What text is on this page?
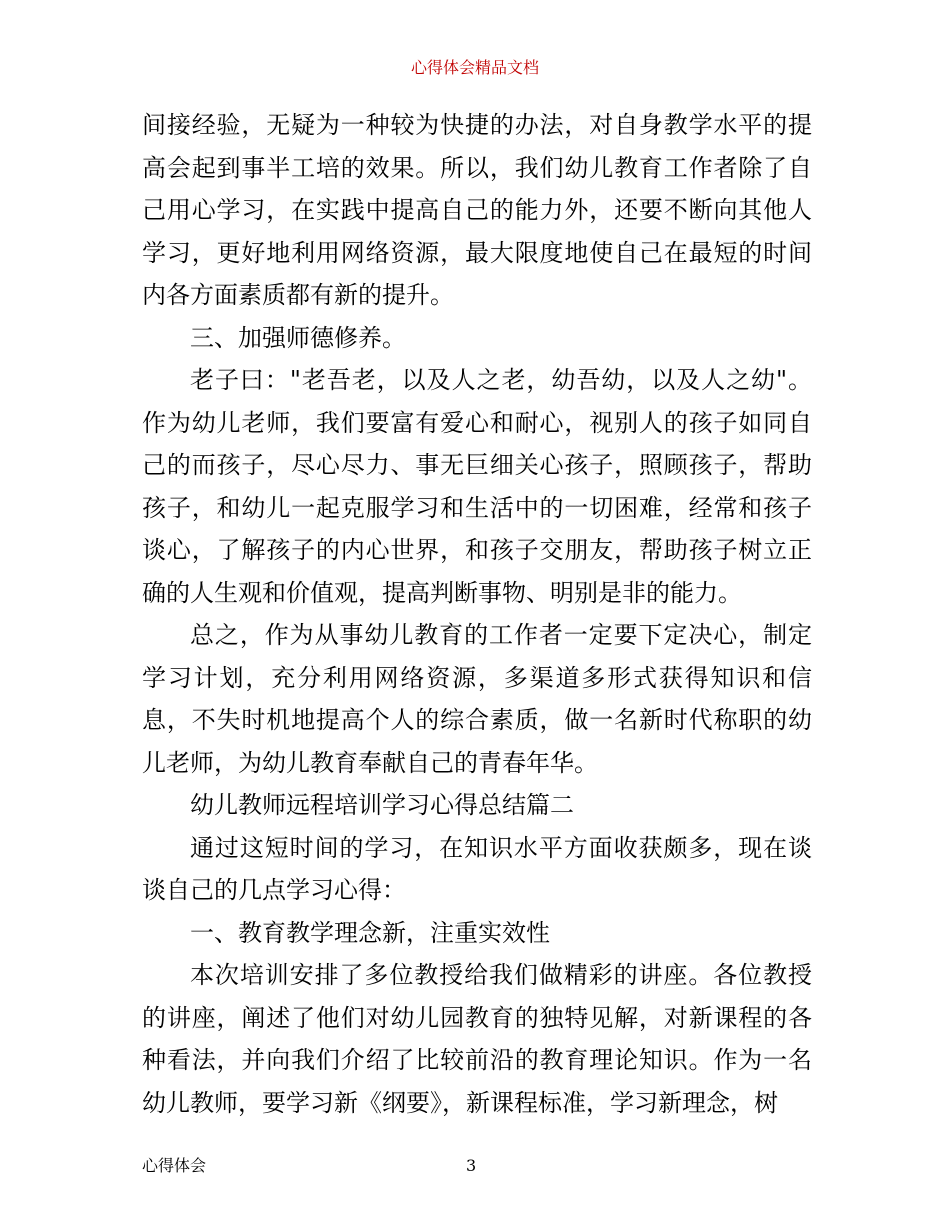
心得体会精品文档

间接经验，无疑为一种较为快捷的办法，对自身教学水平的提高会起到事半工培的效果。所以，我们幼儿教育工作者除了自己用心学习，在实践中提高自己的能力外，还要不断向其他人学习，更好地利用网络资源，最大限度地使自己在最短的时间内各方面素质都有新的提升。

三、加强师德修养。

老子曰："老吾老，以及人之老，幼吾幼，以及人之幼"。作为幼儿老师，我们要富有爱心和耐心，视别人的孩子如同自己的而孩子，尽心尽力、事无巨细关心孩子，照顾孩子，帮助孩子，和幼儿一起克服学习和生活中的一切困难，经常和孩子谈心，了解孩子的内心世界，和孩子交朋友，帮助孩子树立正确的人生观和价值观，提高判断事物、明别是非的能力。

总之，作为从事幼儿教育的工作者一定要下定决心，制定学习计划，充分利用网络资源，多渠道多形式获得知识和信息，不失时机地提高个人的综合素质，做一名新时代称职的幼儿老师，为幼儿教育奉献自己的青春年华。

幼儿教师远程培训学习心得总结篇二

通过这短时间的学习，在知识水平方面收获颇多，现在谈谈自己的几点学习心得：

一、教育教学理念新，注重实效性

本次培训安排了多位教授给我们做精彩的讲座。各位教授的讲座，阐述了他们对幼儿园教育的独特见解，对新课程的各种看法，并向我们介绍了比较前沿的教育理论知识。作为一名幼儿教师，要学习新《纲要》，新课程标准，学习新理念，树

心得体会	3
